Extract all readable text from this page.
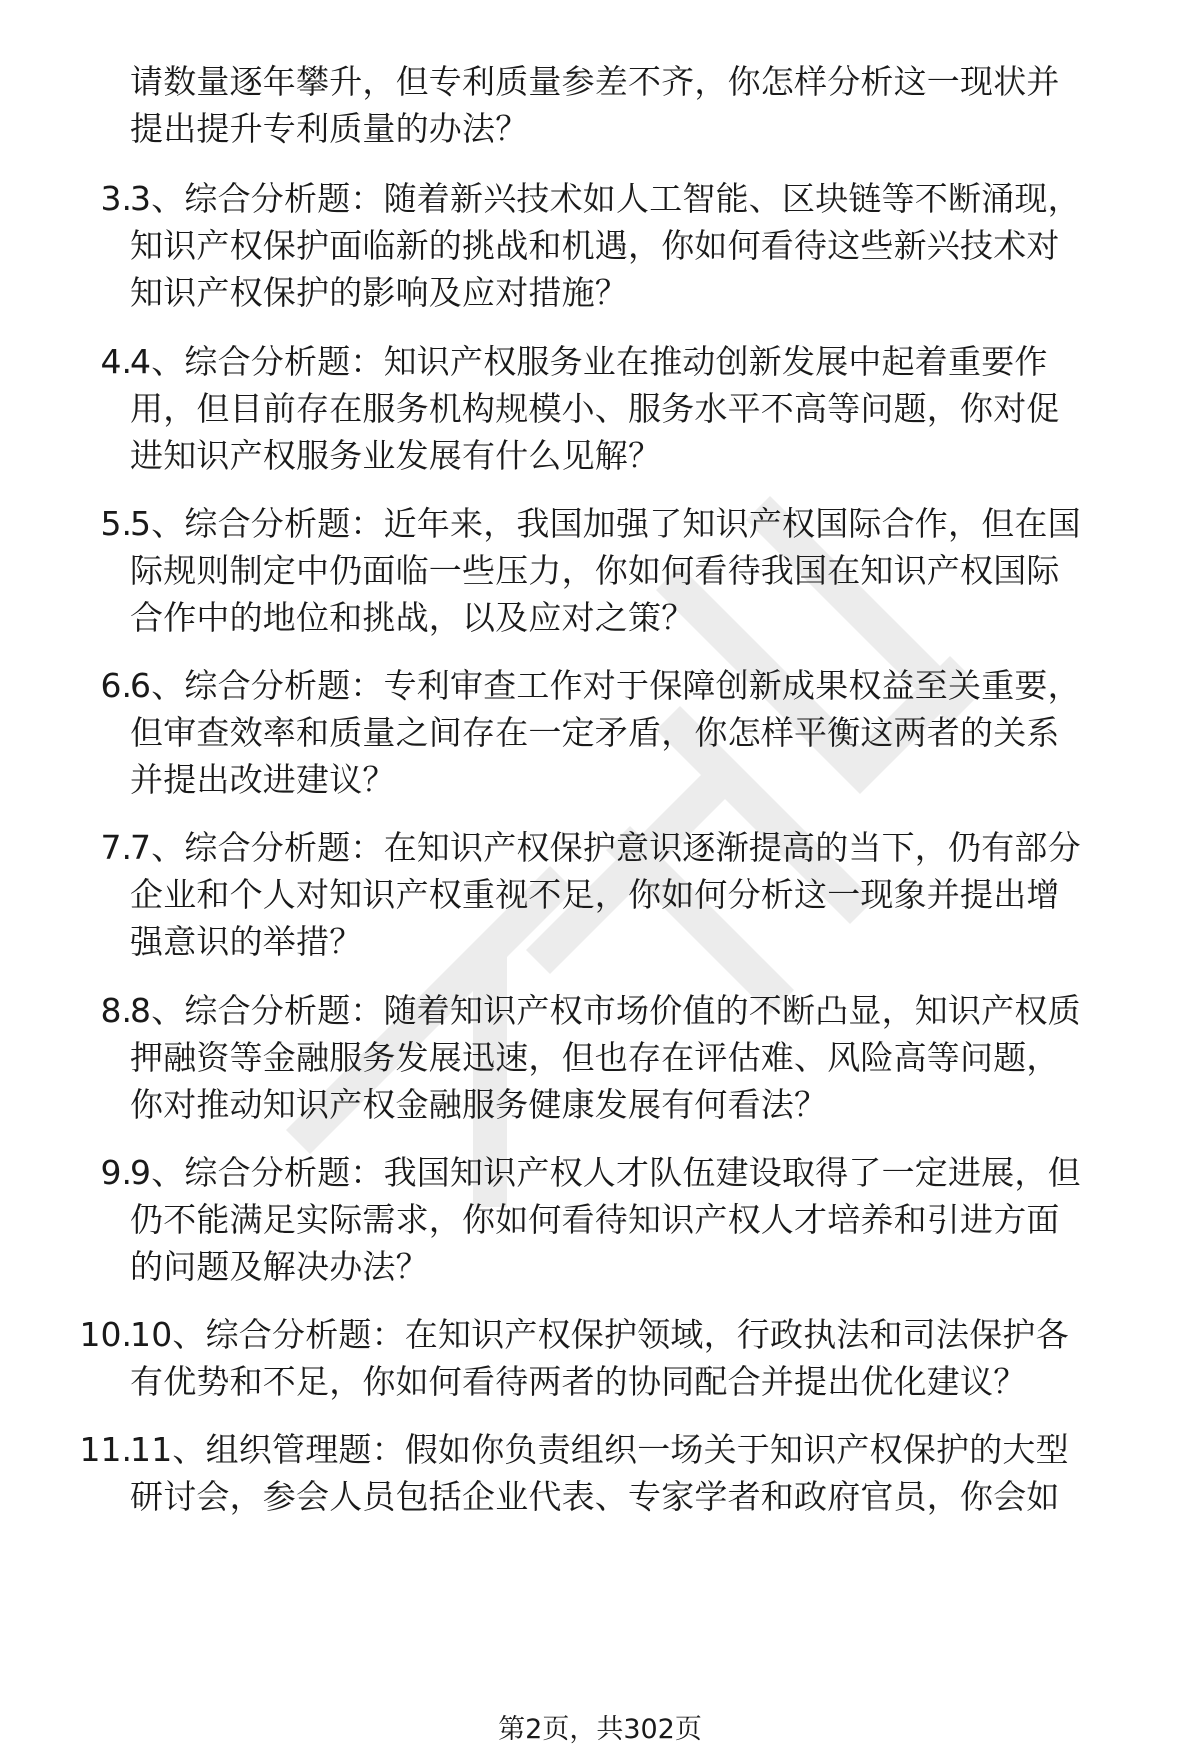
请数量逐年攀升，但专利质量参差不齐，你怎样分析这一现状并
提出提升专利质量的办法？
3.
3、综合分析题：随着新兴技术如人工智能、区块链等不断涌现，
知识产权保护面临新的挑战和机遇，你如何看待这些新兴技术对
知识产权保护的影响及应对措施？
4.
4、综合分析题：知识产权服务业在推动创新发展中起着重要作
用，但目前存在服务机构规模小、服务水平不高等问题，你对促
进知识产权服务业发展有什么见解？
5.
5、综合分析题：近年来，我国加强了知识产权国际合作，但在国
际规则制定中仍面临一些压力，你如何看待我国在知识产权国际
合作中的地位和挑战，以及应对之策？
6.
6、综合分析题：专利审查工作对于保障创新成果权益至关重要，
但审查效率和质量之间存在一定矛盾，你怎样平衡这两者的关系
并提出改进建议？
7.
7、综合分析题：在知识产权保护意识逐渐提高的当下，仍有部分
企业和个人对知识产权重视不足，你如何分析这一现象并提出增
强意识的举措？
8.
8、综合分析题：随着知识产权市场价值的不断凸显，知识产权质
押融资等金融服务发展迅速，但也存在评估难、风险高等问题，
你对推动知识产权金融服务健康发展有何看法？
9.
9、综合分析题：我国知识产权人才队伍建设取得了一定进展，但
仍不能满足实际需求，你如何看待知识产权人才培养和引进方面
的问题及解决办法？
10.
10、综合分析题：在知识产权保护领域，行政执法和司法保护各
有优势和不足，你如何看待两者的协同配合并提出优化建议？
11.
11、组织管理题：假如你负责组织一场关于知识产权保护的大型
研讨会，参会人员包括企业代表、专家学者和政府官员，你会如
第2页，共302页
